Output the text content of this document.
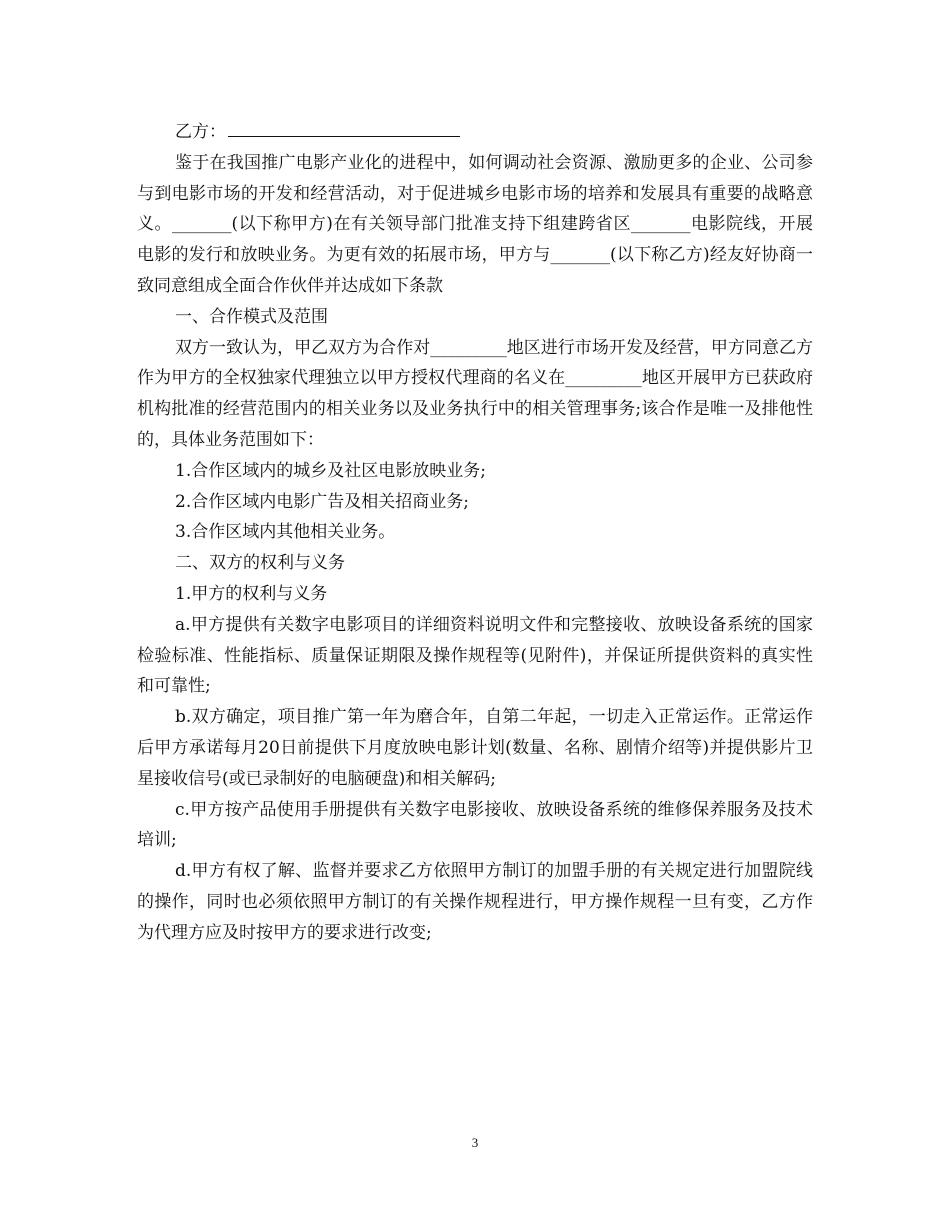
乙方：

鉴于在我国推广电影产业化的进程中，如何调动社会资源、激励更多的企业、公司参与到电影市场的开发和经营活动，对于促进城乡电影市场的培养和发展具有重要的战略意义。_______(以下称甲方)在有关领导部门批准支持下组建跨省区_______电影院线，开展电影的发行和放映业务。为更有效的拓展市场，甲方与_______(以下称乙方)经友好协商一致同意组成全面合作伙伴并达成如下条款

一、合作模式及范围

双方一致认为，甲乙双方为合作对_________地区进行市场开发及经营，甲方同意乙方作为甲方的全权独家代理独立以甲方授权代理商的名义在_________地区开展甲方已获政府机构批准的经营范围内的相关业务以及业务执行中的相关管理事务;该合作是唯一及排他性的，具体业务范围如下：

1.合作区域内的城乡及社区电影放映业务;

2.合作区域内电影广告及相关招商业务;

3.合作区域内其他相关业务。

二、双方的权利与义务

1.甲方的权利与义务

a.甲方提供有关数字电影项目的详细资料说明文件和完整接收、放映设备系统的国家检验标准、性能指标、质量保证期限及操作规程等(见附件)，并保证所提供资料的真实性和可靠性;

b.双方确定，项目推广第一年为磨合年，自第二年起，一切走入正常运作。正常运作后甲方承诺每月20日前提供下月度放映电影计划(数量、名称、剧情介绍等)并提供影片卫星接收信号(或已录制好的电脑硬盘)和相关解码;

c.甲方按产品使用手册提供有关数字电影接收、放映设备系统的维修保养服务及技术培训;

d.甲方有权了解、监督并要求乙方依照甲方制订的加盟手册的有关规定进行加盟院线的操作，同时也必须依照甲方制订的有关操作规程进行，甲方操作规程一旦有变，乙方作为代理方应及时按甲方的要求进行改变;

3
